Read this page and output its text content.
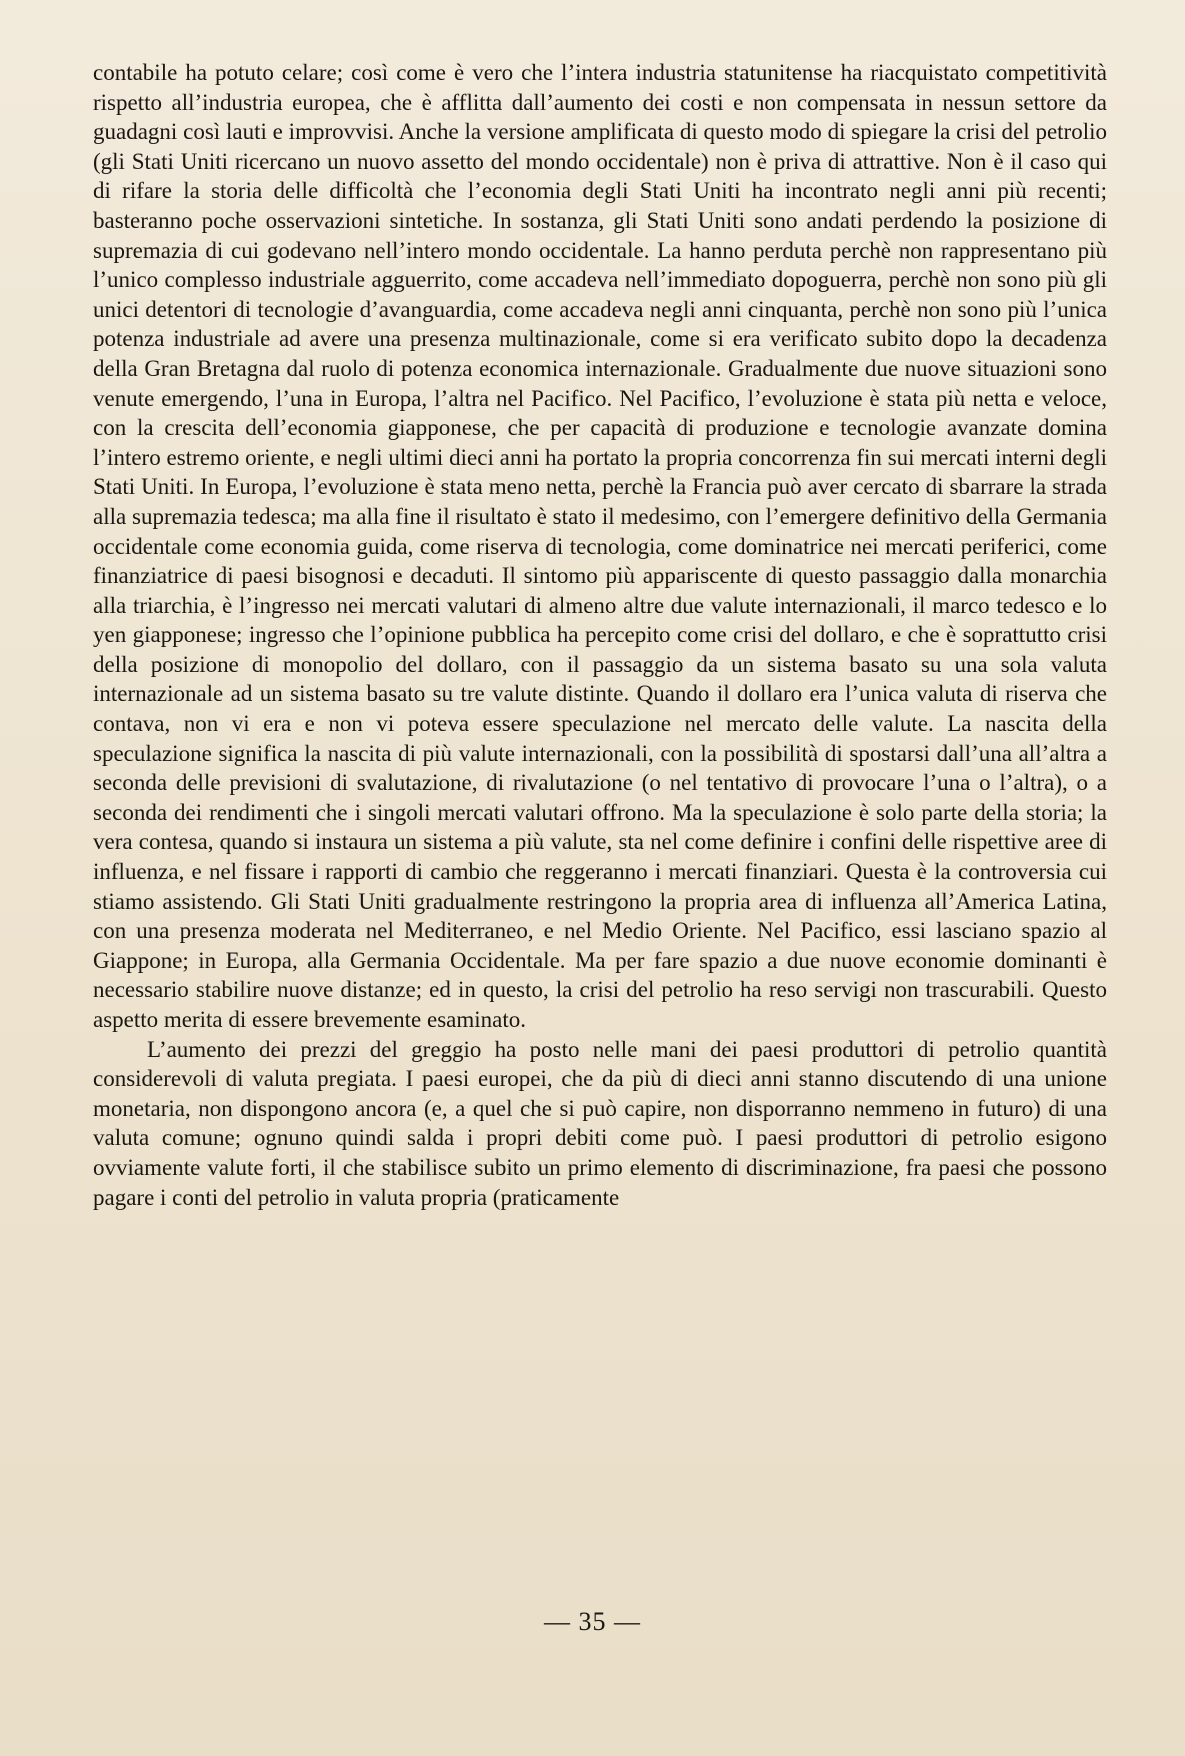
contabile ha potuto celare; così come è vero che l’intera industria statunitense ha riacquistato competitività rispetto all’industria europea, che è afflitta dall’aumento dei costi e non compensata in nessun settore da guadagni così lauti e improvvisi. Anche la versione amplificata di questo modo di spiegare la crisi del petrolio (gli Stati Uniti ricercano un nuovo assetto del mondo occidentale) non è priva di attrattive. Non è il caso qui di rifare la storia delle difficoltà che l’economia degli Stati Uniti ha incontrato negli anni più recenti; basteranno poche osservazioni sintetiche. In sostanza, gli Stati Uniti sono andati perdendo la posizione di supremazia di cui godevano nell’intero mondo occidentale. La hanno perduta perchè non rappresentano più l’unico complesso industriale agguerrito, come accadeva nell’immediato dopoguerra, perchè non sono più gli unici detentori di tecnologie d’avanguardia, come accadeva negli anni cinquanta, perchè non sono più l’unica potenza industriale ad avere una presenza multinazionale, come si era verificato subito dopo la decadenza della Gran Bretagna dal ruolo di potenza economica internazionale. Gradualmente due nuove situazioni sono venute emergendo, l’una in Europa, l’altra nel Pacifico. Nel Pacifico, l’evoluzione è stata più netta e veloce, con la crescita dell’economia giapponese, che per capacità di produzione e tecnologie avanzate domina l’intero estremo oriente, e negli ultimi dieci anni ha portato la propria concorrenza fin sui mercati interni degli Stati Uniti. In Europa, l’evoluzione è stata meno netta, perchè la Francia può aver cercato di sbarrare la strada alla supremazia tedesca; ma alla fine il risultato è stato il medesimo, con l’emergere definitivo della Germania occidentale come economia guida, come riserva di tecnologia, come dominatrice nei mercati periferici, come finanziatrice di paesi bisognosi e decaduti. Il sintomo più appariscente di questo passaggio dalla monarchia alla triarchia, è l’ingresso nei mercati valutari di almeno altre due valute internazionali, il marco tedesco e lo yen giapponese; ingresso che l’opinione pubblica ha percepito come crisi del dollaro, e che è soprattutto crisi della posizione di monopolio del dollaro, con il passaggio da un sistema basato su una sola valuta internazionale ad un sistema basato su tre valute distinte. Quando il dollaro era l’unica valuta di riserva che contava, non vi era e non vi poteva essere speculazione nel mercato delle valute. La nascita della speculazione significa la nascita di più valute internazionali, con la possibilità di spostarsi dall’una all’altra a seconda delle previsioni di svalutazione, di rivalutazione (o nel tentativo di provocare l’una o l’altra), o a seconda dei rendimenti che i singoli mercati valutari offrono. Ma la speculazione è solo parte della storia; la vera contesa, quando si instaura un sistema a più valute, sta nel come definire i confini delle rispettive aree di influenza, e nel fissare i rapporti di cambio che reggeranno i mercati finanziari. Questa è la controversia cui stiamo assistendo. Gli Stati Uniti gradualmente restringono la propria area di influenza all’America Latina, con una presenza moderata nel Mediterraneo, e nel Medio Oriente. Nel Pacifico, essi lasciano spazio al Giappone; in Europa, alla Germania Occidentale. Ma per fare spazio a due nuove economie dominanti è necessario stabilire nuove distanze; ed in questo, la crisi del petrolio ha reso servigi non trascurabili. Questo aspetto merita di essere brevemente esaminato.

L’aumento dei prezzi del greggio ha posto nelle mani dei paesi produttori di petrolio quantità considerevoli di valuta pregiata. I paesi europei, che da più di dieci anni stanno discutendo di una unione monetaria, non dispongono ancora (e, a quel che si può capire, non disporranno nemmeno in futuro) di una valuta comune; ognuno quindi salda i propri debiti come può. I paesi produttori di petrolio esigono ovviamente valute forti, il che stabilisce subito un primo elemento di discriminazione, fra paesi che possono pagare i conti del petrolio in valuta propria (praticamente

— 35 —
